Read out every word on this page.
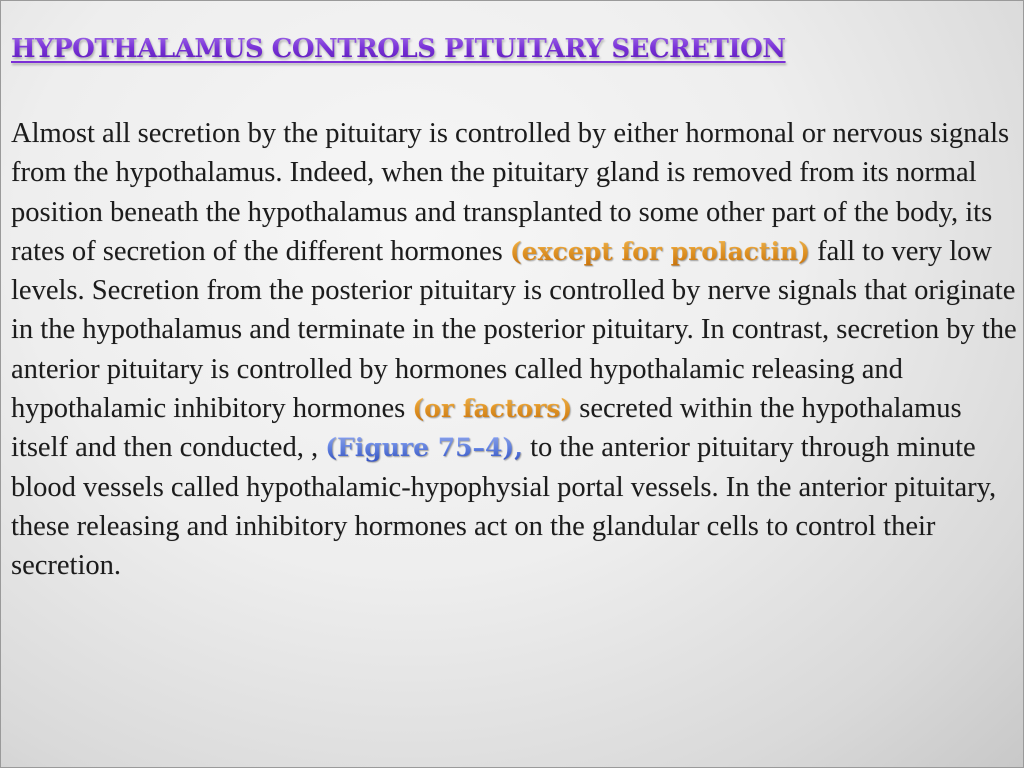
HYPOTHALAMUS CONTROLS PITUITARY SECRETION

Almost all secretion by the pituitary is controlled by either hormonal or nervous signals from the hypothalamus. Indeed, when the pituitary gland is removed from its normal position beneath the hypothalamus and transplanted to some other part of the body, its rates of secretion of the different hormones (except for prolactin) fall to very low levels. Secretion from the posterior pituitary is controlled by nerve signals that originate in the hypothalamus and terminate in the posterior pituitary. In contrast, secretion by the anterior pituitary is controlled by hormones called hypothalamic releasing and hypothalamic inhibitory hormones (or factors) secreted within the hypothalamus itself and then conducted, , (Figure 75–4), to the anterior pituitary through minute blood vessels called hypothalamic-hypophysial portal vessels. In the anterior pituitary, these releasing and inhibitory hormones act on the glandular cells to control their secretion.
